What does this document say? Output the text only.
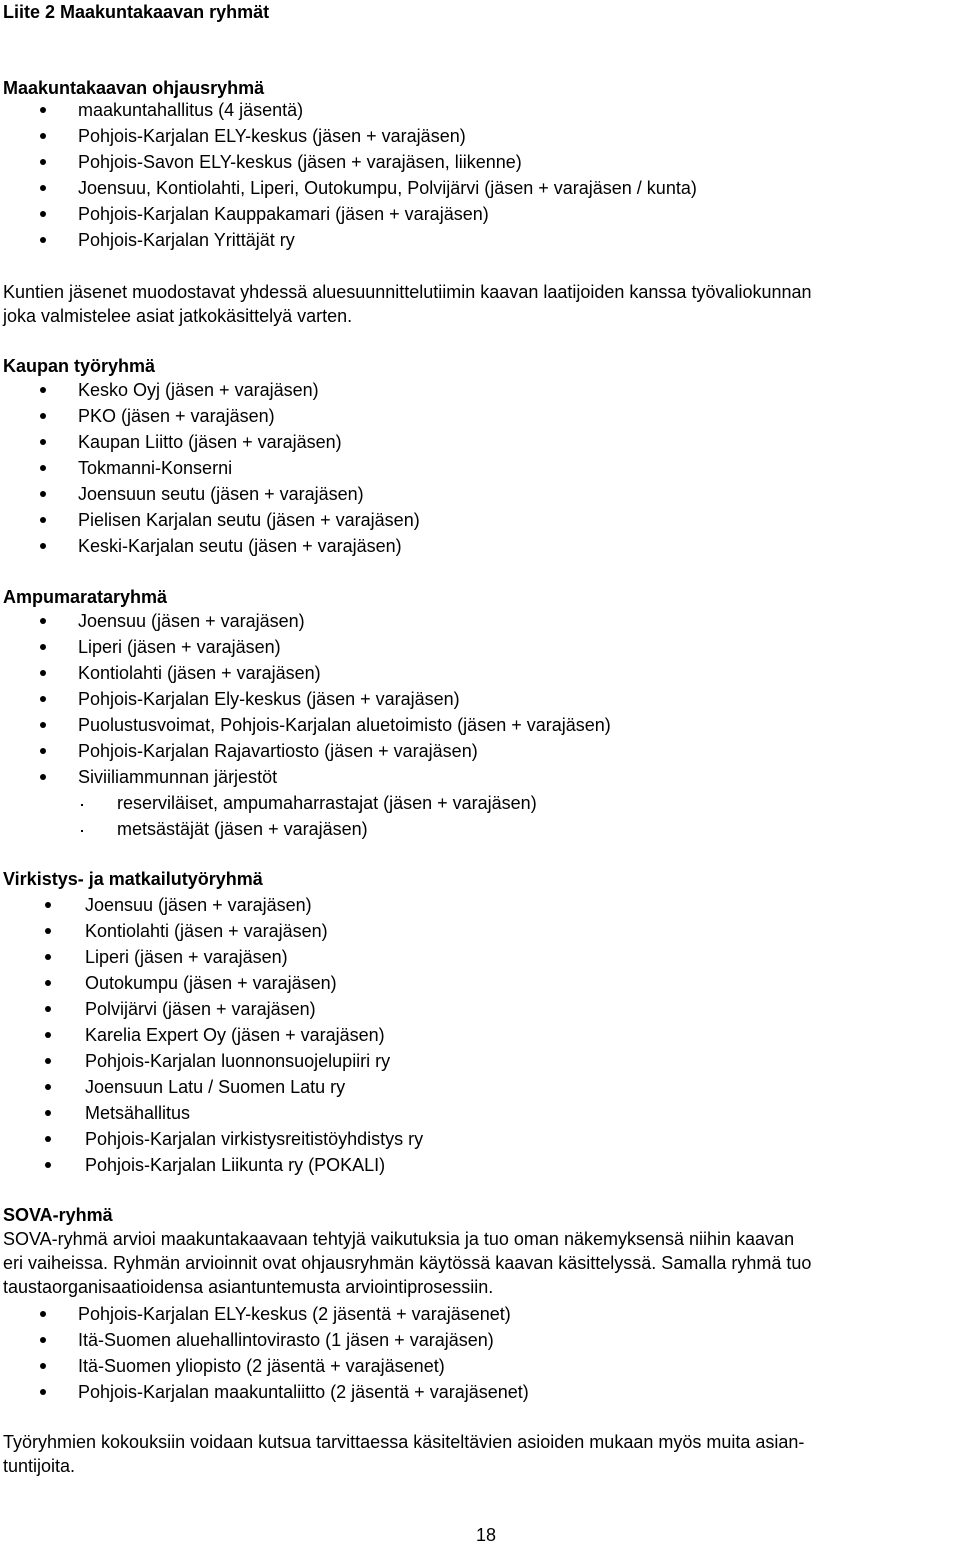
Liite 2 Maakuntakaavan ryhmät
Maakuntakaavan ohjausryhmä
maakuntahallitus (4 jäsentä)
Pohjois-Karjalan ELY-keskus (jäsen + varajäsen)
Pohjois-Savon ELY-keskus (jäsen + varajäsen, liikenne)
Joensuu, Kontiolahti, Liperi, Outokumpu, Polvijärvi (jäsen + varajäsen / kunta)
Pohjois-Karjalan Kauppakamari (jäsen + varajäsen)
Pohjois-Karjalan Yrittäjät ry
Kuntien jäsenet muodostavat yhdessä aluesuunnittelutiimin kaavan laatijoiden kanssa työvaliokunnan
joka valmistelee asiat jatkokäsittelyä varten.
Kaupan työryhmä
Kesko Oyj (jäsen + varajäsen)
PKO (jäsen + varajäsen)
Kaupan Liitto (jäsen + varajäsen)
Tokmanni-Konserni
Joensuun seutu (jäsen + varajäsen)
Pielisen Karjalan seutu (jäsen + varajäsen)
Keski-Karjalan seutu (jäsen + varajäsen)
Ampumarataryhmä
Joensuu (jäsen + varajäsen)
Liperi (jäsen + varajäsen)
Kontiolahti (jäsen + varajäsen)
Pohjois-Karjalan Ely-keskus (jäsen + varajäsen)
Puolustusvoimat, Pohjois-Karjalan aluetoimisto (jäsen + varajäsen)
Pohjois-Karjalan Rajavartiosto (jäsen + varajäsen)
Siviiliammunnan järjestöt
reserviläiset, ampumaharrastajat (jäsen + varajäsen)
metsästäjät (jäsen + varajäsen)
Virkistys- ja matkailutyöryhmä
Joensuu (jäsen + varajäsen)
Kontiolahti (jäsen + varajäsen)
Liperi (jäsen + varajäsen)
Outokumpu (jäsen + varajäsen)
Polvijärvi (jäsen + varajäsen)
Karelia Expert Oy (jäsen + varajäsen)
Pohjois-Karjalan luonnonsuojelupiiri ry
Joensuun Latu / Suomen Latu ry
Metsähallitus
Pohjois-Karjalan virkistysreitistöyhdistys ry
Pohjois-Karjalan Liikunta ry (POKALI)
SOVA-ryhmä
SOVA-ryhmä arvioi maakuntakaavaan tehtyjä vaikutuksia ja tuo oman näkemyksensä niihin kaavan
eri vaiheissa. Ryhmän arvioinnit ovat ohjausryhmän käytössä kaavan käsittelyssä. Samalla ryhmä tuo
taustaorganisaatioidensa asiantuntemusta arviointiprosessiin.
Pohjois-Karjalan ELY-keskus (2 jäsentä + varajäsenet)
Itä-Suomen aluehallintovirasto (1 jäsen + varajäsen)
Itä-Suomen yliopisto (2 jäsentä + varajäsenet)
Pohjois-Karjalan maakuntaliitto (2 jäsentä + varajäsenet)
Työryhmien kokouksiin voidaan kutsua tarvittaessa käsiteltävien asioiden mukaan myös muita asian-
tuntijoita.
18
